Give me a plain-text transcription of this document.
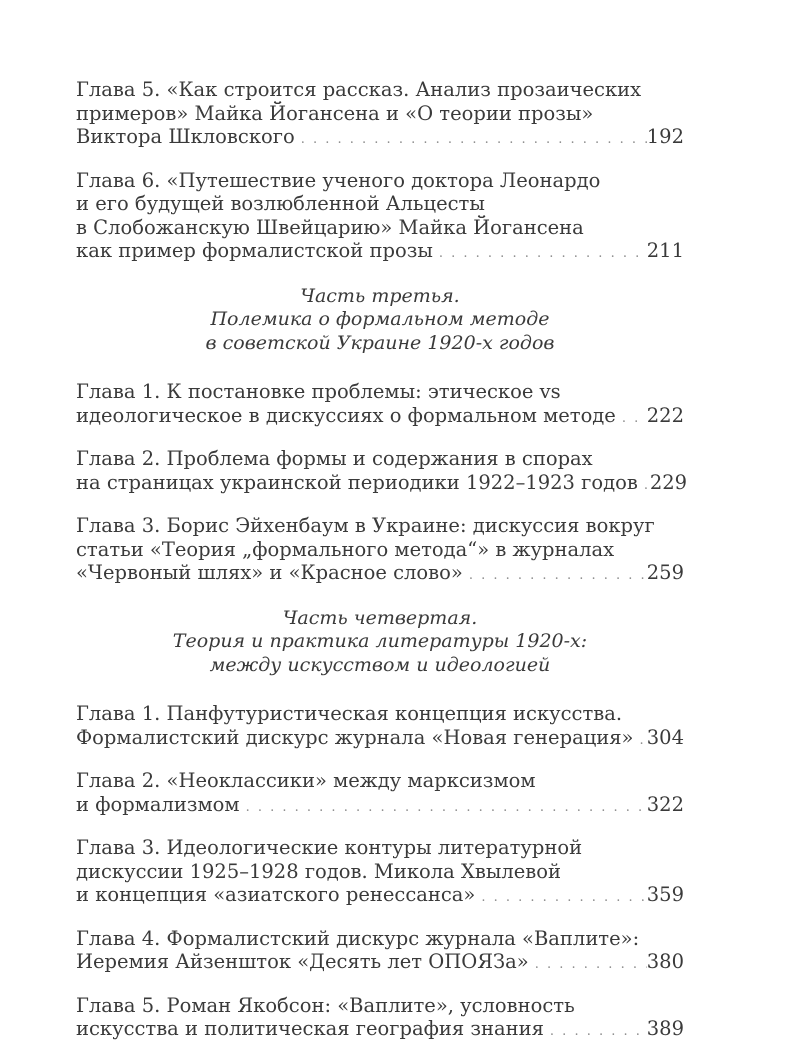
Глава 5. «Как строится рассказ. Анализ прозаических
примеров» Майка Йогансена и «О теории прозы»
Виктора Шкловского . . .	192
Глава 6. «Путешествие ученого доктора Леонардо
и его будущей возлюбленной Альцесты
в Слобожанскую Швейцарию» Майка Йогансена
как пример формалистской прозы . . .	211
Часть третья.
Полемика о формальном методе
в советской Украине 1920-х годов
Глава 1. К постановке проблемы: этическое vs
идеологическое в дискуссиях о формальном методе . . . 222
Глава 2. Проблема формы и содержания в спорах
на страницах украинской периодики 1922–1923 годов . . . 229
Глава 3. Борис Эйхенбаум в Украине: дискуссия вокруг
статьи «Теория „формального метода“» в журналах
«Червоный шлях» и «Красное слово» . . .	259
Часть четвертая.
Теория и практика литературы 1920-х:
между искусством и идеологией
Глава 1. Панфутуристическая концепция искусства.
Формалистский дискурс журнала «Новая генерация» . . . 304
Глава 2. «Неоклассики» между марксизмом
и формализмом . . .	322
Глава 3. Идеологические контуры литературной
дискуссии 1925–1928 годов. Микола Хвылевой
и концепция «азиатского ренессанса» . . .	359
Глава 4. Формалистский дискурс журнала «Ваплите»:
Иеремия Айзеншток «Десять лет ОПОЯЗа» . . .	380
Глава 5. Роман Якобсон: «Ваплите», условность
искусства и политическая география знания . . .	389
